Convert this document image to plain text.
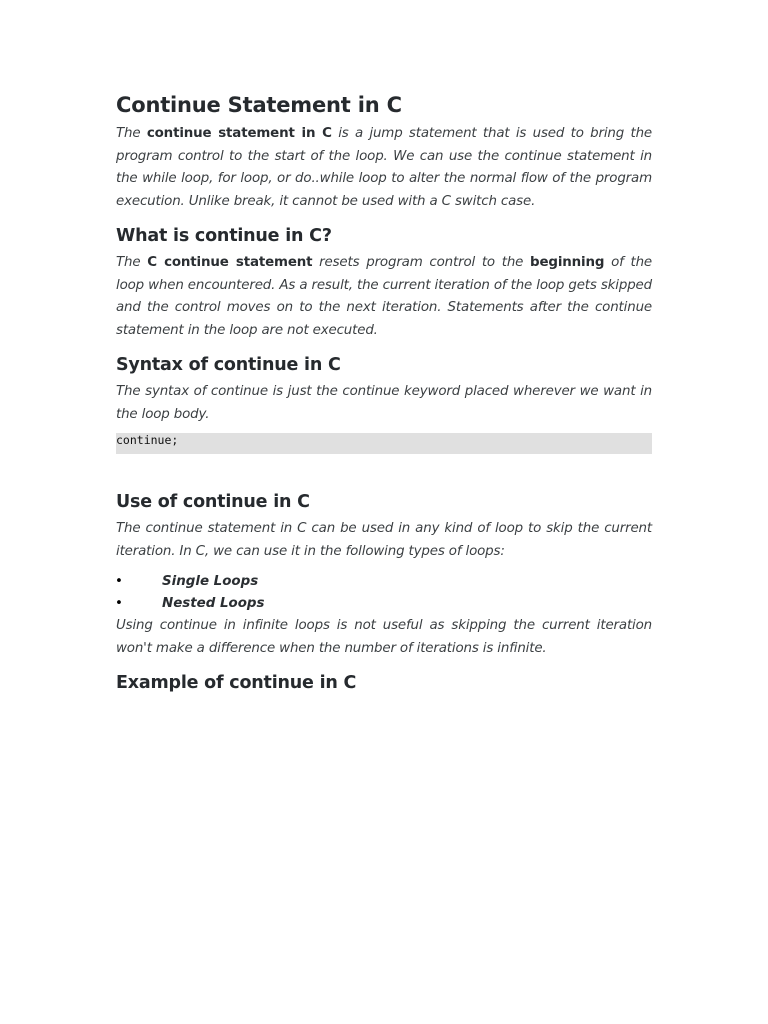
Continue Statement in C

The continue statement in C is a jump statement that is used to bring the program control to the start of the loop. We can use the continue statement in the while loop, for loop, or do..while loop to alter the normal flow of the program execution. Unlike break, it cannot be used with a C switch case.

What is continue in C?

The C continue statement resets program control to the beginning of the loop when encountered. As a result, the current iteration of the loop gets skipped and the control moves on to the next iteration. Statements after the continue statement in the loop are not executed.

Syntax of continue in C

The syntax of continue is just the continue keyword placed wherever we want in the loop body.

continue;
Use of continue in C

The continue statement in C can be used in any kind of loop to skip the current iteration. In C, we can use it in the following types of loops:

•	Single Loops
•	Nested Loops

Using continue in infinite loops is not useful as skipping the current iteration won't make a difference when the number of iterations is infinite.

Example of continue in C
